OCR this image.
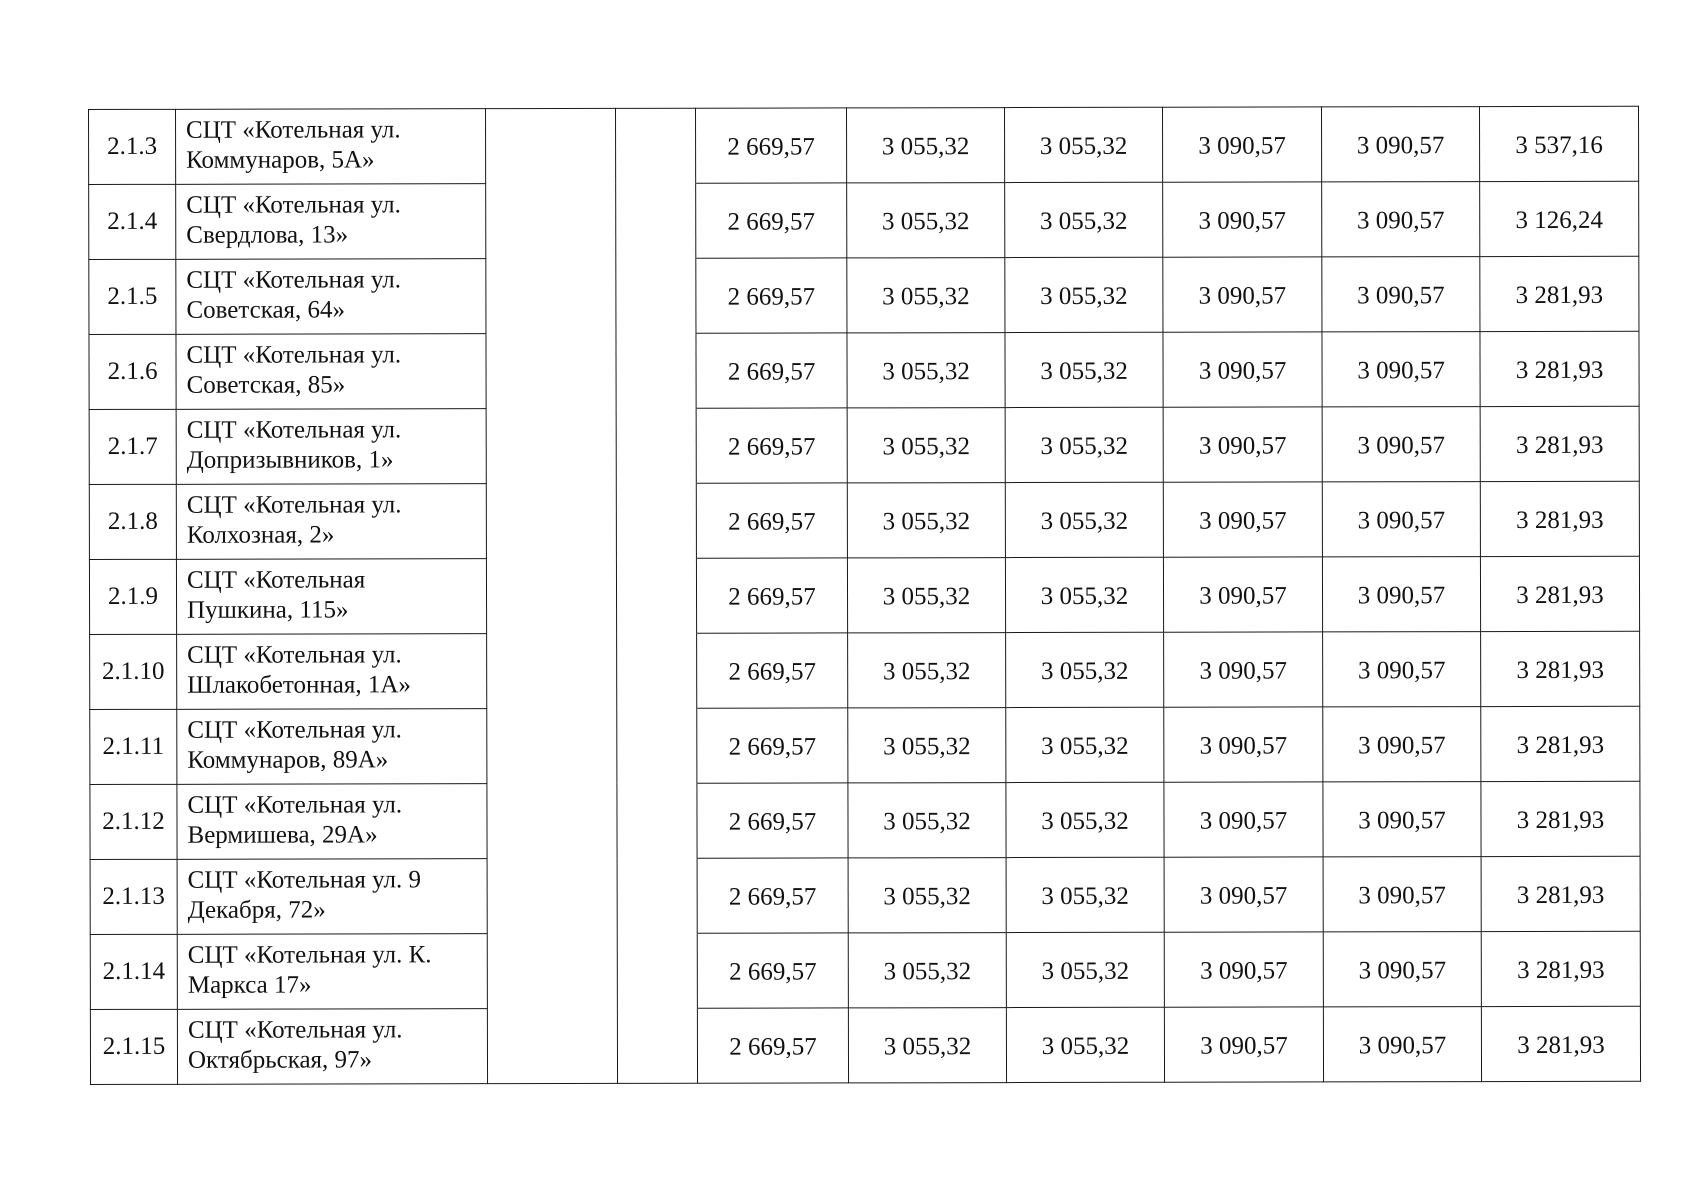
2.1.3	СЦТ «Котельная ул.
Коммунаров, 5А»			2 669,57	3 055,32	3 055,32	3 090,57	3 090,57	3 537,16
2.1.4	СЦТ «Котельная ул.
Свердлова, 13»			2 669,57	3 055,32	3 055,32	3 090,57	3 090,57	3 126,24
2.1.5	СЦТ «Котельная ул.
Советская, 64»			2 669,57	3 055,32	3 055,32	3 090,57	3 090,57	3 281,93
2.1.6	СЦТ «Котельная ул.
Советская, 85»			2 669,57	3 055,32	3 055,32	3 090,57	3 090,57	3 281,93
2.1.7	СЦТ «Котельная ул.
Допризывников, 1»			2 669,57	3 055,32	3 055,32	3 090,57	3 090,57	3 281,93
2.1.8	СЦТ «Котельная ул.
Колхозная, 2»			2 669,57	3 055,32	3 055,32	3 090,57	3 090,57	3 281,93
2.1.9	СЦТ «Котельная
Пушкина, 115»			2 669,57	3 055,32	3 055,32	3 090,57	3 090,57	3 281,93
2.1.10	СЦТ «Котельная ул.
Шлакобетонная, 1А»			2 669,57	3 055,32	3 055,32	3 090,57	3 090,57	3 281,93
2.1.11	СЦТ «Котельная ул.
Коммунаров, 89А»			2 669,57	3 055,32	3 055,32	3 090,57	3 090,57	3 281,93
2.1.12	СЦТ «Котельная ул.
Вермишева, 29А»			2 669,57	3 055,32	3 055,32	3 090,57	3 090,57	3 281,93
2.1.13	СЦТ «Котельная ул. 9
Декабря, 72»			2 669,57	3 055,32	3 055,32	3 090,57	3 090,57	3 281,93
2.1.14	СЦТ «Котельная ул. К.
Маркса 17»			2 669,57	3 055,32	3 055,32	3 090,57	3 090,57	3 281,93
2.1.15	СЦТ «Котельная ул.
Октябрьская, 97»			2 669,57	3 055,32	3 055,32	3 090,57	3 090,57	3 281,93
